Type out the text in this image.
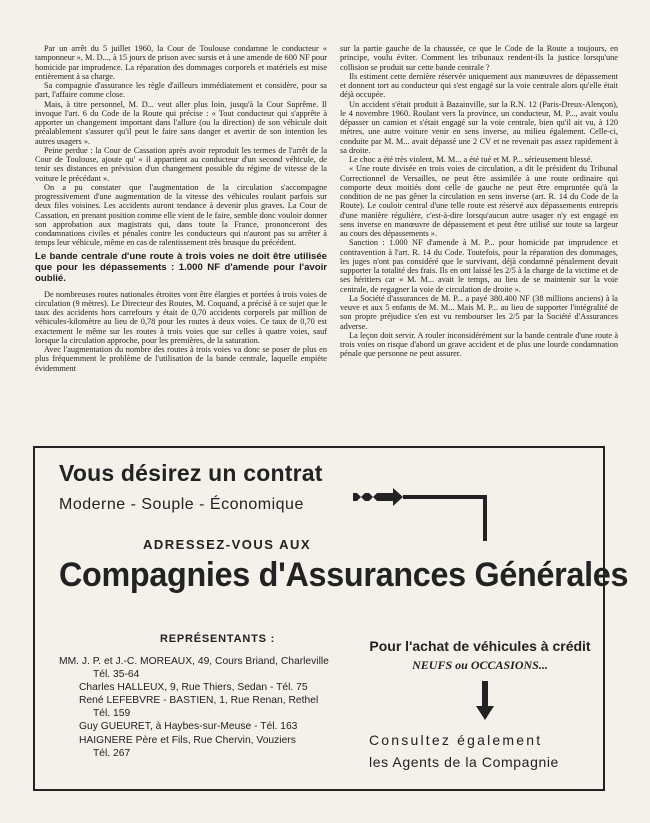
Par un arrêt du 5 juillet 1960, la Cour de Toulouse condamne le conducteur « tamponneur », M. D..., à 15 jours de prison avec sursis et à une amende de 600 NF pour homicide par imprudence. La réparation des dommages corporels et matériels est mise entièrement à sa charge.

Sa compagnie d'assurance les règle d'ailleurs immédiatement et considère, pour sa part, l'affaire comme close.

Mais, à titre personnel, M. D... veut aller plus loin, jusqu'à la Cour Suprême. Il invoque l'art. 6 du Code de la Route qui précise : « Tout conducteur qui s'apprête à apporter un changement important dans l'allure (ou la direction) de son véhicule doit préalablement s'assurer qu'il peut le faire sans danger et avertir de son intention les autres usagers ».

Peine perdue : la Cour de Cassation après avoir reproduit les termes de l'arrêt de la Cour de Toulouse, ajoute qu' « il appartient au conducteur d'un second véhicule, de tenir ses distances en prévision d'un changement possible du régime de vitesse de la voiture le précédant ».

On a pu constater que l'augmentation de la circulation s'accompagne progressivement d'une augmentation de la vitesse des véhicules roulant parfois sur deux files voisines. Les accidents auront tendance à devenir plus graves. La Cour de Cassation, en prenant position comme elle vient de le faire, semble donc vouloir donner son approbation aux magistrats qui, dans toute la France, prononceront des condamnations civiles et pénales contre les conducteurs qui n'auront pas su arrêter à temps leur véhicule, même en cas de ralentissement très brusque du précédent.

Le bande centrale d'une route à trois voies ne doit être utilisée que pour les dépassements : 1.000 NF d'amende pour l'avoir oublié.

De nombreuses routes nationales étroites vont être élargies et portées à trois voies de circulation (9 mètres). Le Directeur des Routes, M. Coquand, a précisé à ce sujet que le taux des accidents hors carrefours y était de 0,70 accidents corporels par million de véhicules-kilomètre au lieu de 0,78 pour les routes à deux voies. Ce taux de 0,70 est exactement le même sur les routes à trois voies que sur celles à quatre voies, sauf lorsque la circulation approche, pour les premières, de la saturation.

Avec l'augmentation du nombre des routes à trois voies va donc se poser de plus en plus fréquemment le problème de l'utilisation de la bande centrale, laquelle empiète évidemment

sur la partie gauche de la chaussée, ce que le Code de la Route a toujours, en principe, voulu éviter. Comment les tribunaux rendent-ils la justice lorsqu'une collision se produit sur cette bande centrale ?

Ils estiment cette dernière réservée uniquement aux manœuvres de dépassement et donnent tort au conducteur qui s'est engagé sur la voie centrale alors qu'elle était déjà occupée.

Un accident s'était produit à Bazainville, sur la R.N. 12 (Paris-Dreux-Alençon), le 4 novembre 1960. Roulant vers la province, un conducteur, M. P..., avait voulu dépasser un camion et s'était engagé sur la voie centrale, bien qu'il ait vu, à 120 mètres, une autre voiture venir en sens inverse, au milieu également. Celle-ci, conduite par M. M... avait dépassé une 2 CV et ne revenait pas assez rapidement à sa droite.

Le choc a été très violent, M. M... a été tué et M. P... sérieusement blessé.

« Une route divisée en trois voies de circulation, a dit le président du Tribunal Correctionnel de Versailles, ne peut être assimilée à une route ordinaire qui comporte deux moitiés dont celle de gauche ne peut être empruntée qu'à la condition de ne pas gêner la circulation en sens inverse (art. R. 14 du Code de la Route). Le couloir central d'une telle route est réservé aux dépassements entrepris d'une manière régulière, c'est-à-dire lorsqu'aucun autre usager n'y est engagé en sens inverse en manœuvre de dépassement et peut être utilisé sur toute sa largeur au cours des dépassements ».

Sanction : 1.000 NF d'amende à M. P... pour homicide par imprudence et contravention à l'art. R. 14 du Code. Toutefois, pour la réparation des dommages, les juges n'ont pas considéré que le survivant, déjà condamné pénalement devait supporter la totalité des frais. Ils en ont laissé les 2/5 à la charge de la victime et de ses héritiers car « M. M... avait le temps, au lieu de se maintenir sur la voie centrale, de regagner la voie de circulation de droite ».

La Société d'assurances de M. P... a payé 380.400 NF (38 millions anciens) à la veuve et aux 5 enfants de M. M... Mais M. P... au lieu de supporter l'intégralité de son propre préjudice s'en est vu rembourser les 2/5 par la Société d'Assurances adverse.

La leçon doit servir. A rouler inconsidérément sur la bande centrale d'une route à trois voies on risque d'abord un grave accident et de plus une lourde condamnation pénale que personne ne peut assurer.

Vous désirez un contrat
Moderne - Souple - Économique
ADRESSEZ-VOUS AUX
Compagnies d'Assurances Générales
REPRÉSENTANTS :
MM. J. P. et J.-C. MOREAUX, 49, Cours Briand, Charleville
Tél. 35-64
Charles HALLEUX, 9, Rue Thiers, Sedan - Tél. 75
René LEFEBVRE - BASTIEN, 1, Rue Renan, Rethel
Tél. 159
Guy GUEURET, à Haybes-sur-Meuse - Tél. 163
HAIGNERE Père et Fils, Rue Chervin, Vouziers
Tél. 267
Pour l'achat de véhicules à crédit
NEUFS ou OCCASIONS...
Consultez également
les Agents de la Compagnie
